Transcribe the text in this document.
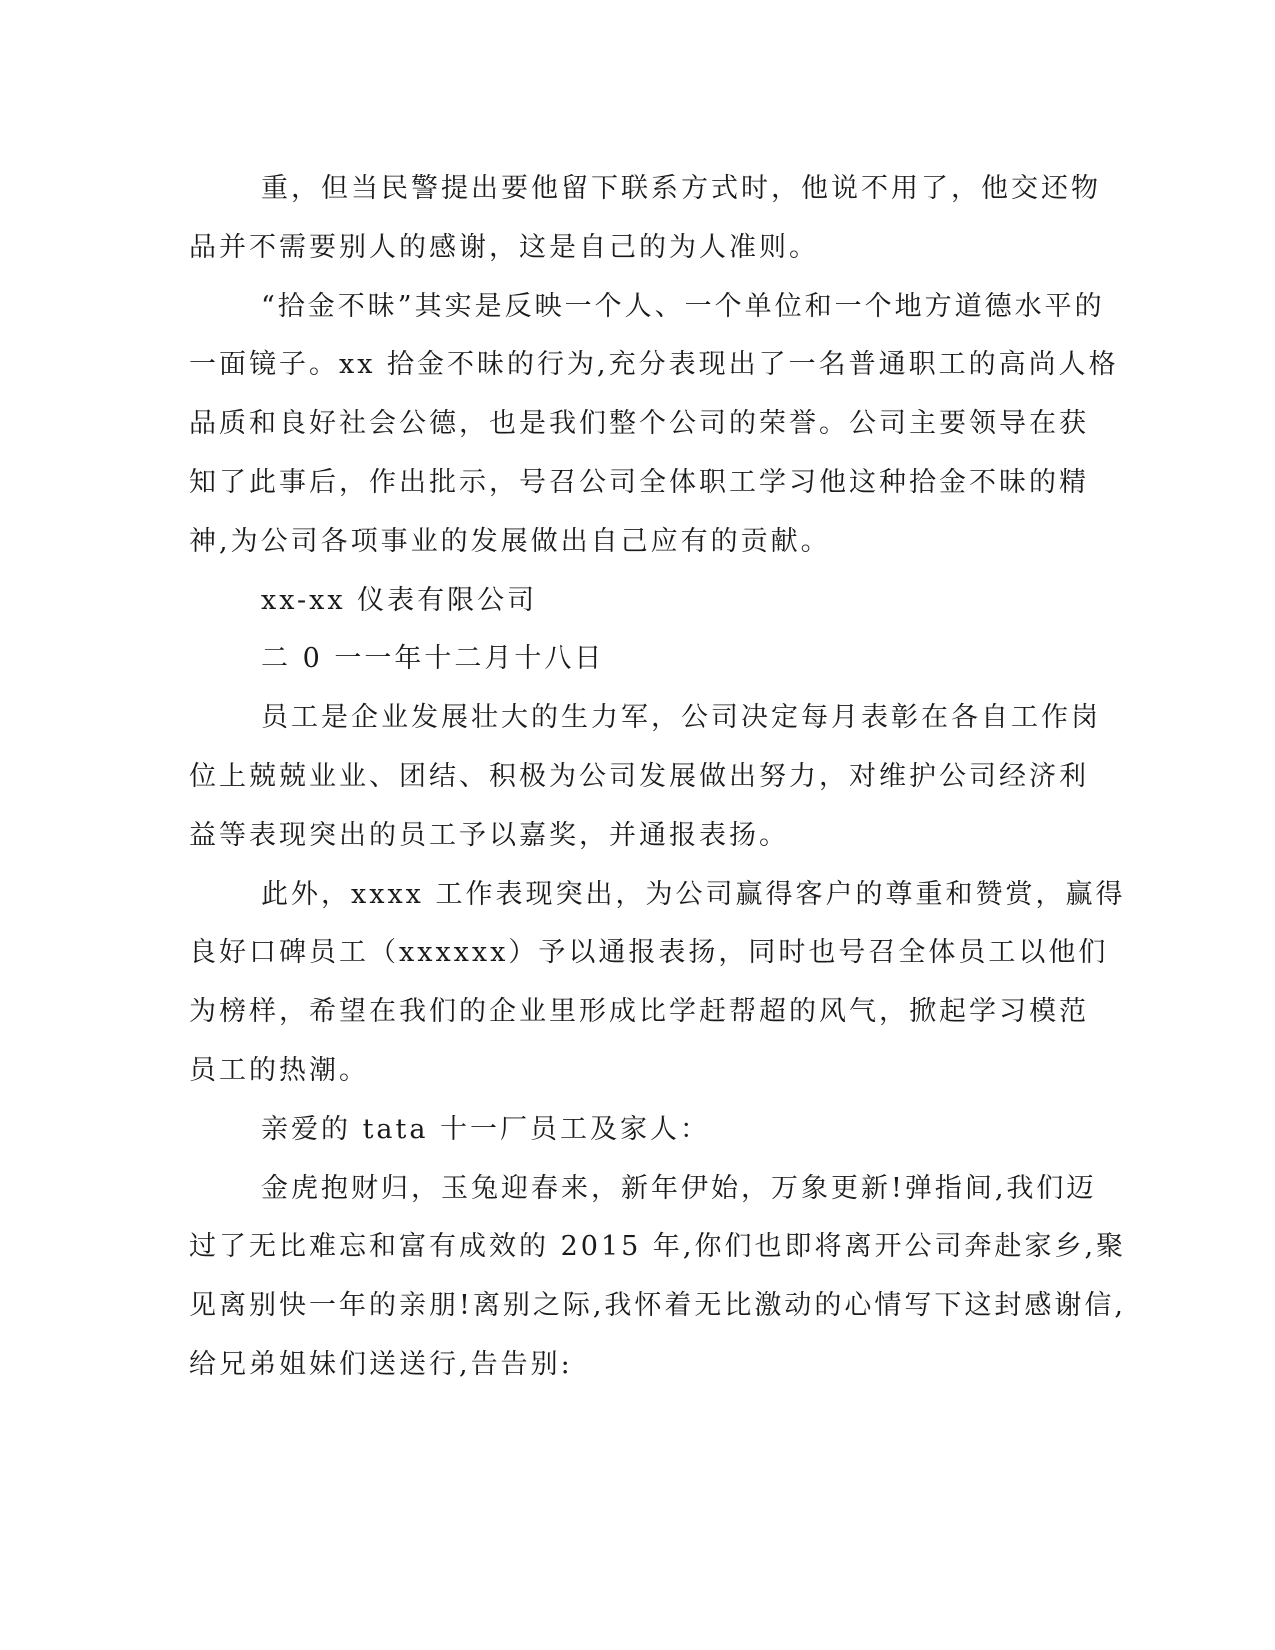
重，但当民警提出要他留下联系方式时，他说不用了，他交还物
品并不需要别人的感谢，这是自己的为人准则。
“拾金不昧”其实是反映一个人、一个单位和一个地方道德水平的
一面镜子。xx 拾金不昧的行为,充分表现出了一名普通职工的高尚人格
品质和良好社会公德，也是我们整个公司的荣誉。公司主要领导在获
知了此事后，作出批示，号召公司全体职工学习他这种拾金不昧的精
神,为公司各项事业的发展做出自己应有的贡献。
xx-xx 仪表有限公司
二 0 一一年十二月十八日
员工是企业发展壮大的生力军，公司决定每月表彰在各自工作岗
位上兢兢业业、团结、积极为公司发展做出努力，对维护公司经济利
益等表现突出的员工予以嘉奖，并通报表扬。
此外，xxxx 工作表现突出，为公司赢得客户的尊重和赞赏，赢得
良好口碑员工（xxxxxx）予以通报表扬，同时也号召全体员工以他们
为榜样，希望在我们的企业里形成比学赶帮超的风气，掀起学习模范
员工的热潮。
亲爱的 tata 十一厂员工及家人：
金虎抱财归，玉兔迎春来，新年伊始，万象更新!弹指间,我们迈
过了无比难忘和富有成效的 2015 年,你们也即将离开公司奔赴家乡,聚
见离别快一年的亲朋!离别之际,我怀着无比激动的心情写下这封感谢信,
给兄弟姐妹们送送行,告告别:
